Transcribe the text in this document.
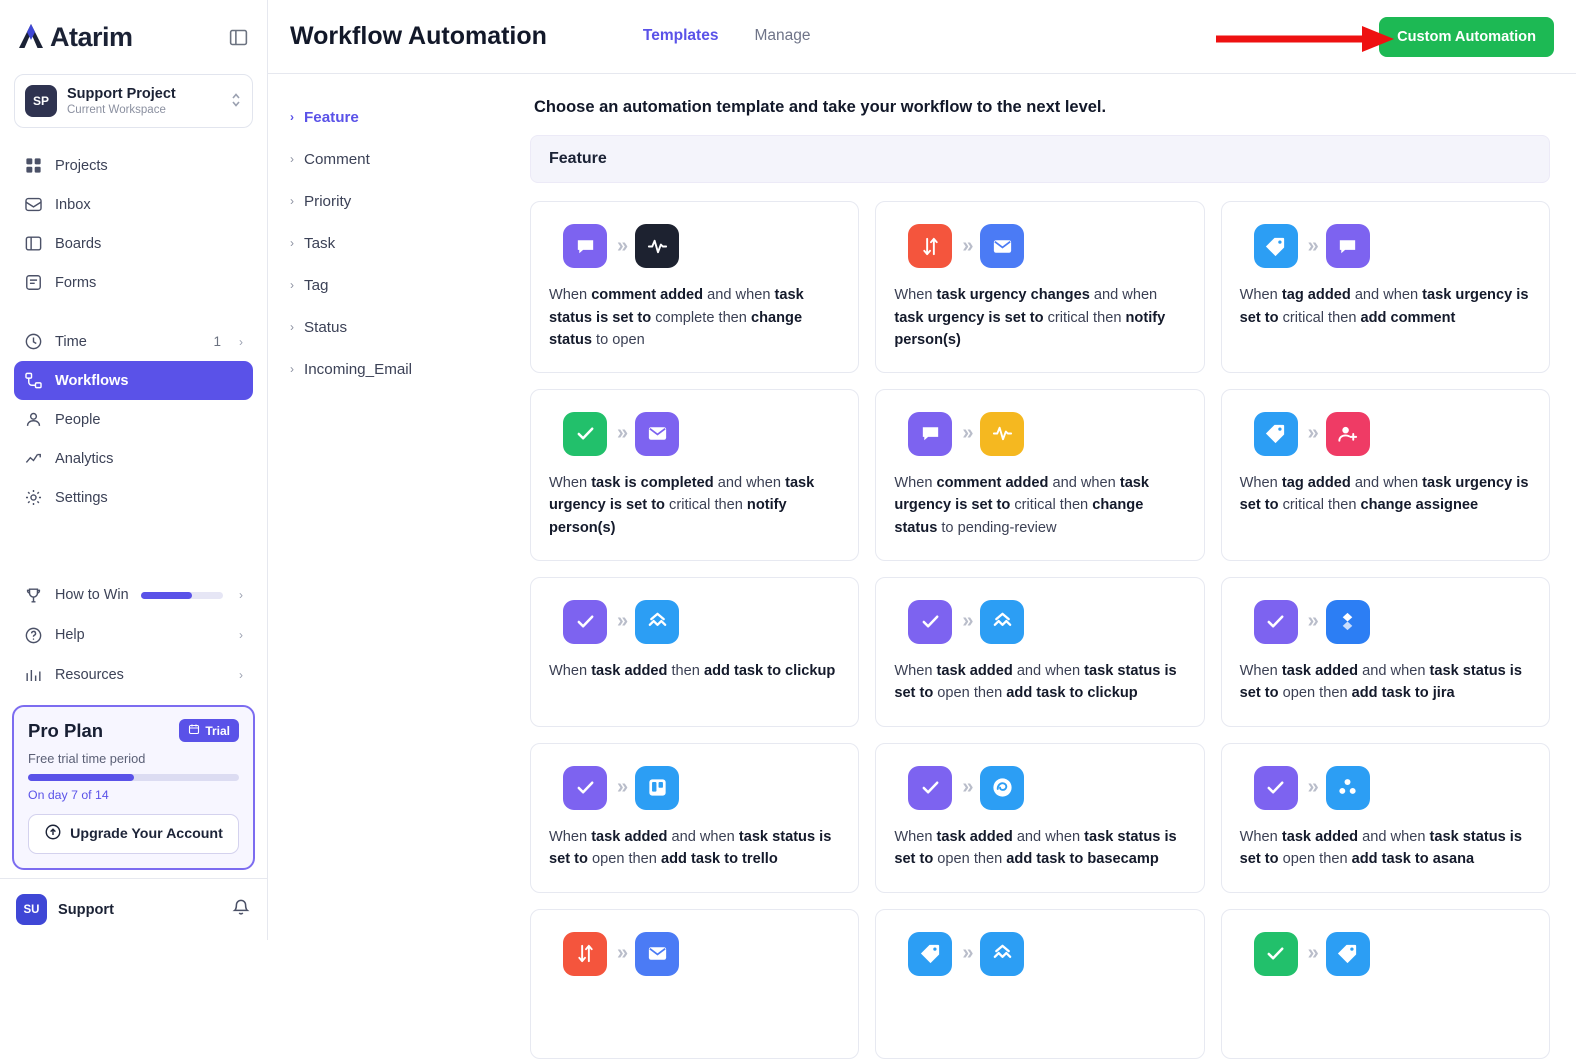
Atarim
SP	Support Project
Current Workspace
Projects
Inbox
Boards
Forms
Time	1 ›
Workflows
People
Analytics
Settings
How to Win	›
Help	›
Resources	›
Pro Plan	Trial
Free trial time period
On day 7 of 14
Upgrade Your Account
SU	Support
Workflow Automation	Templates Manage	Custom Automation
› Feature
› Comment
› Priority
› Task
› Tag
› Status
› Incoming_Email
Choose an automation template and take your workflow to the next level.
Feature
»
When comment added and when task status is set to complete then change status to open
»
When task urgency changes and when task urgency is set to critical then notify person(s)
»
When tag added and when task urgency is set to critical then add comment
»
When task is completed and when task urgency is set to critical then notify person(s)
»
When comment added and when task urgency is set to critical then change status to pending-review
»
When tag added and when task urgency is set to critical then change assignee
»
When task added then add task to clickup
»
When task added and when task status is set to open then add task to clickup
»
When task added and when task status is set to open then add task to jira
»
When task added and when task status is set to open then add task to trello
»
When task added and when task status is set to open then add task to basecamp
»
When task added and when task status is set to open then add task to asana
»	»	»
